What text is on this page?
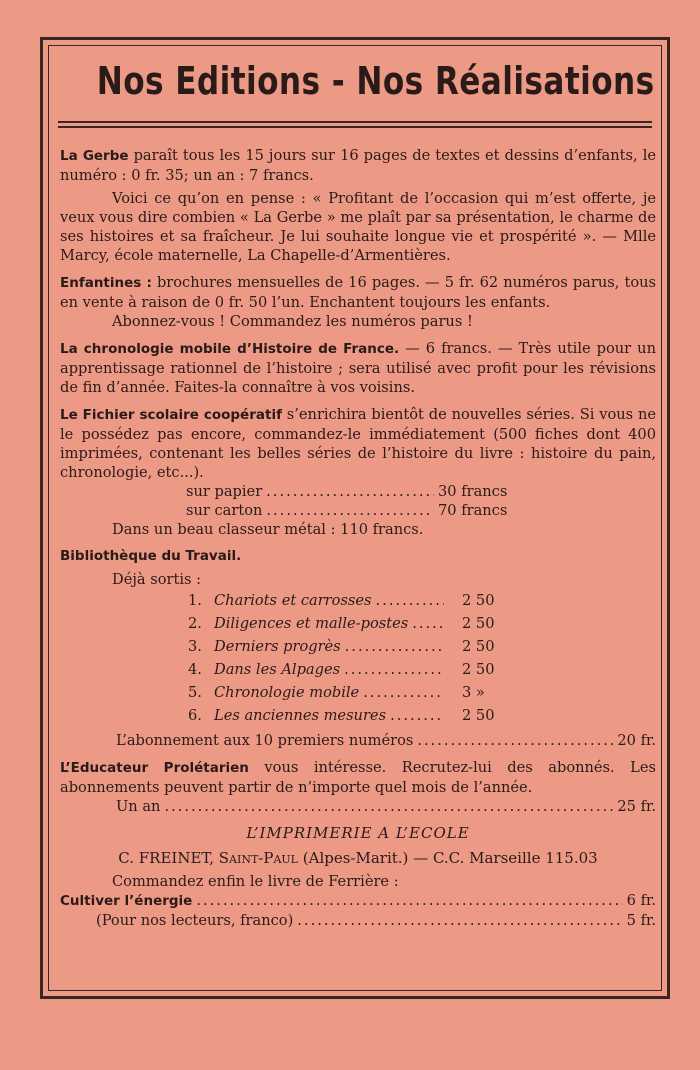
Nos Editions - Nos Réalisations
La Gerbe paraît tous les 15 jours sur 16 pages de textes et dessins d’enfants, le numéro : 0 fr. 35; un an : 7 francs.
Voici ce qu’on en pense : « Profitant de l’occasion qui m’est offerte, je veux vous dire combien « La Gerbe » me plaît par sa présentation, le charme de ses histoires et sa fraîcheur. Je lui souhaite longue vie et prospérité ». — Mlle Marcy, école maternelle, La Chapelle-d’Armentières.
Enfantines : brochures mensuelles de 16 pages. — 5 fr. 62 numéros parus, tous en vente à raison de 0 fr. 50 l’un. Enchantent toujours les enfants.
Abonnez-vous ! Commandez les numéros parus !
La chronologie mobile d’Histoire de France. — 6 francs. — Très utile pour un apprentissage rationnel de l’histoire ; sera utilisé avec profit pour les révisions de fin d’année. Faites-la connaître à vos voisins.
Le Fichier scolaire coopératif s’enrichira bientôt de nouvelles séries. Si vous ne le possédez pas encore, commandez-le immédiatement (500 fiches dont 400 imprimées, contenant les belles séries de l’histoire du livre : histoire du pain, chronologie, etc...).
sur papier .....	30 francs
sur carton .....	70 francs
Dans un beau classeur métal : 110 francs.
Bibliothèque du Travail.
Déjà sortis :
1. Chariots et carrosses .....	2 50
2. Diligences et malle-postes .....	2 50
3. Derniers progrès .....	2 50
4. Dans les Alpages .....	2 50
5. Chronologie mobile .....	3 »
6. Les anciennes mesures .....	2 50
L’abonnement aux 10 premiers numéros .....	20 fr.
L’Educateur Prolétarien vous intéresse. Recrutez-lui des abonnés. Les abonnements peuvent partir de n’importe quel mois de l’année.
Un an .....	25 fr.
L’IMPRIMERIE A L’ECOLE
C. FREINET, Saint-Paul (Alpes-Marit.) — C.C. Marseille 115.03
Commandez enfin le livre de Ferrière :
Cultiver l’énergie .....	6 fr.
(Pour nos lecteurs, franco) .....	5 fr.
